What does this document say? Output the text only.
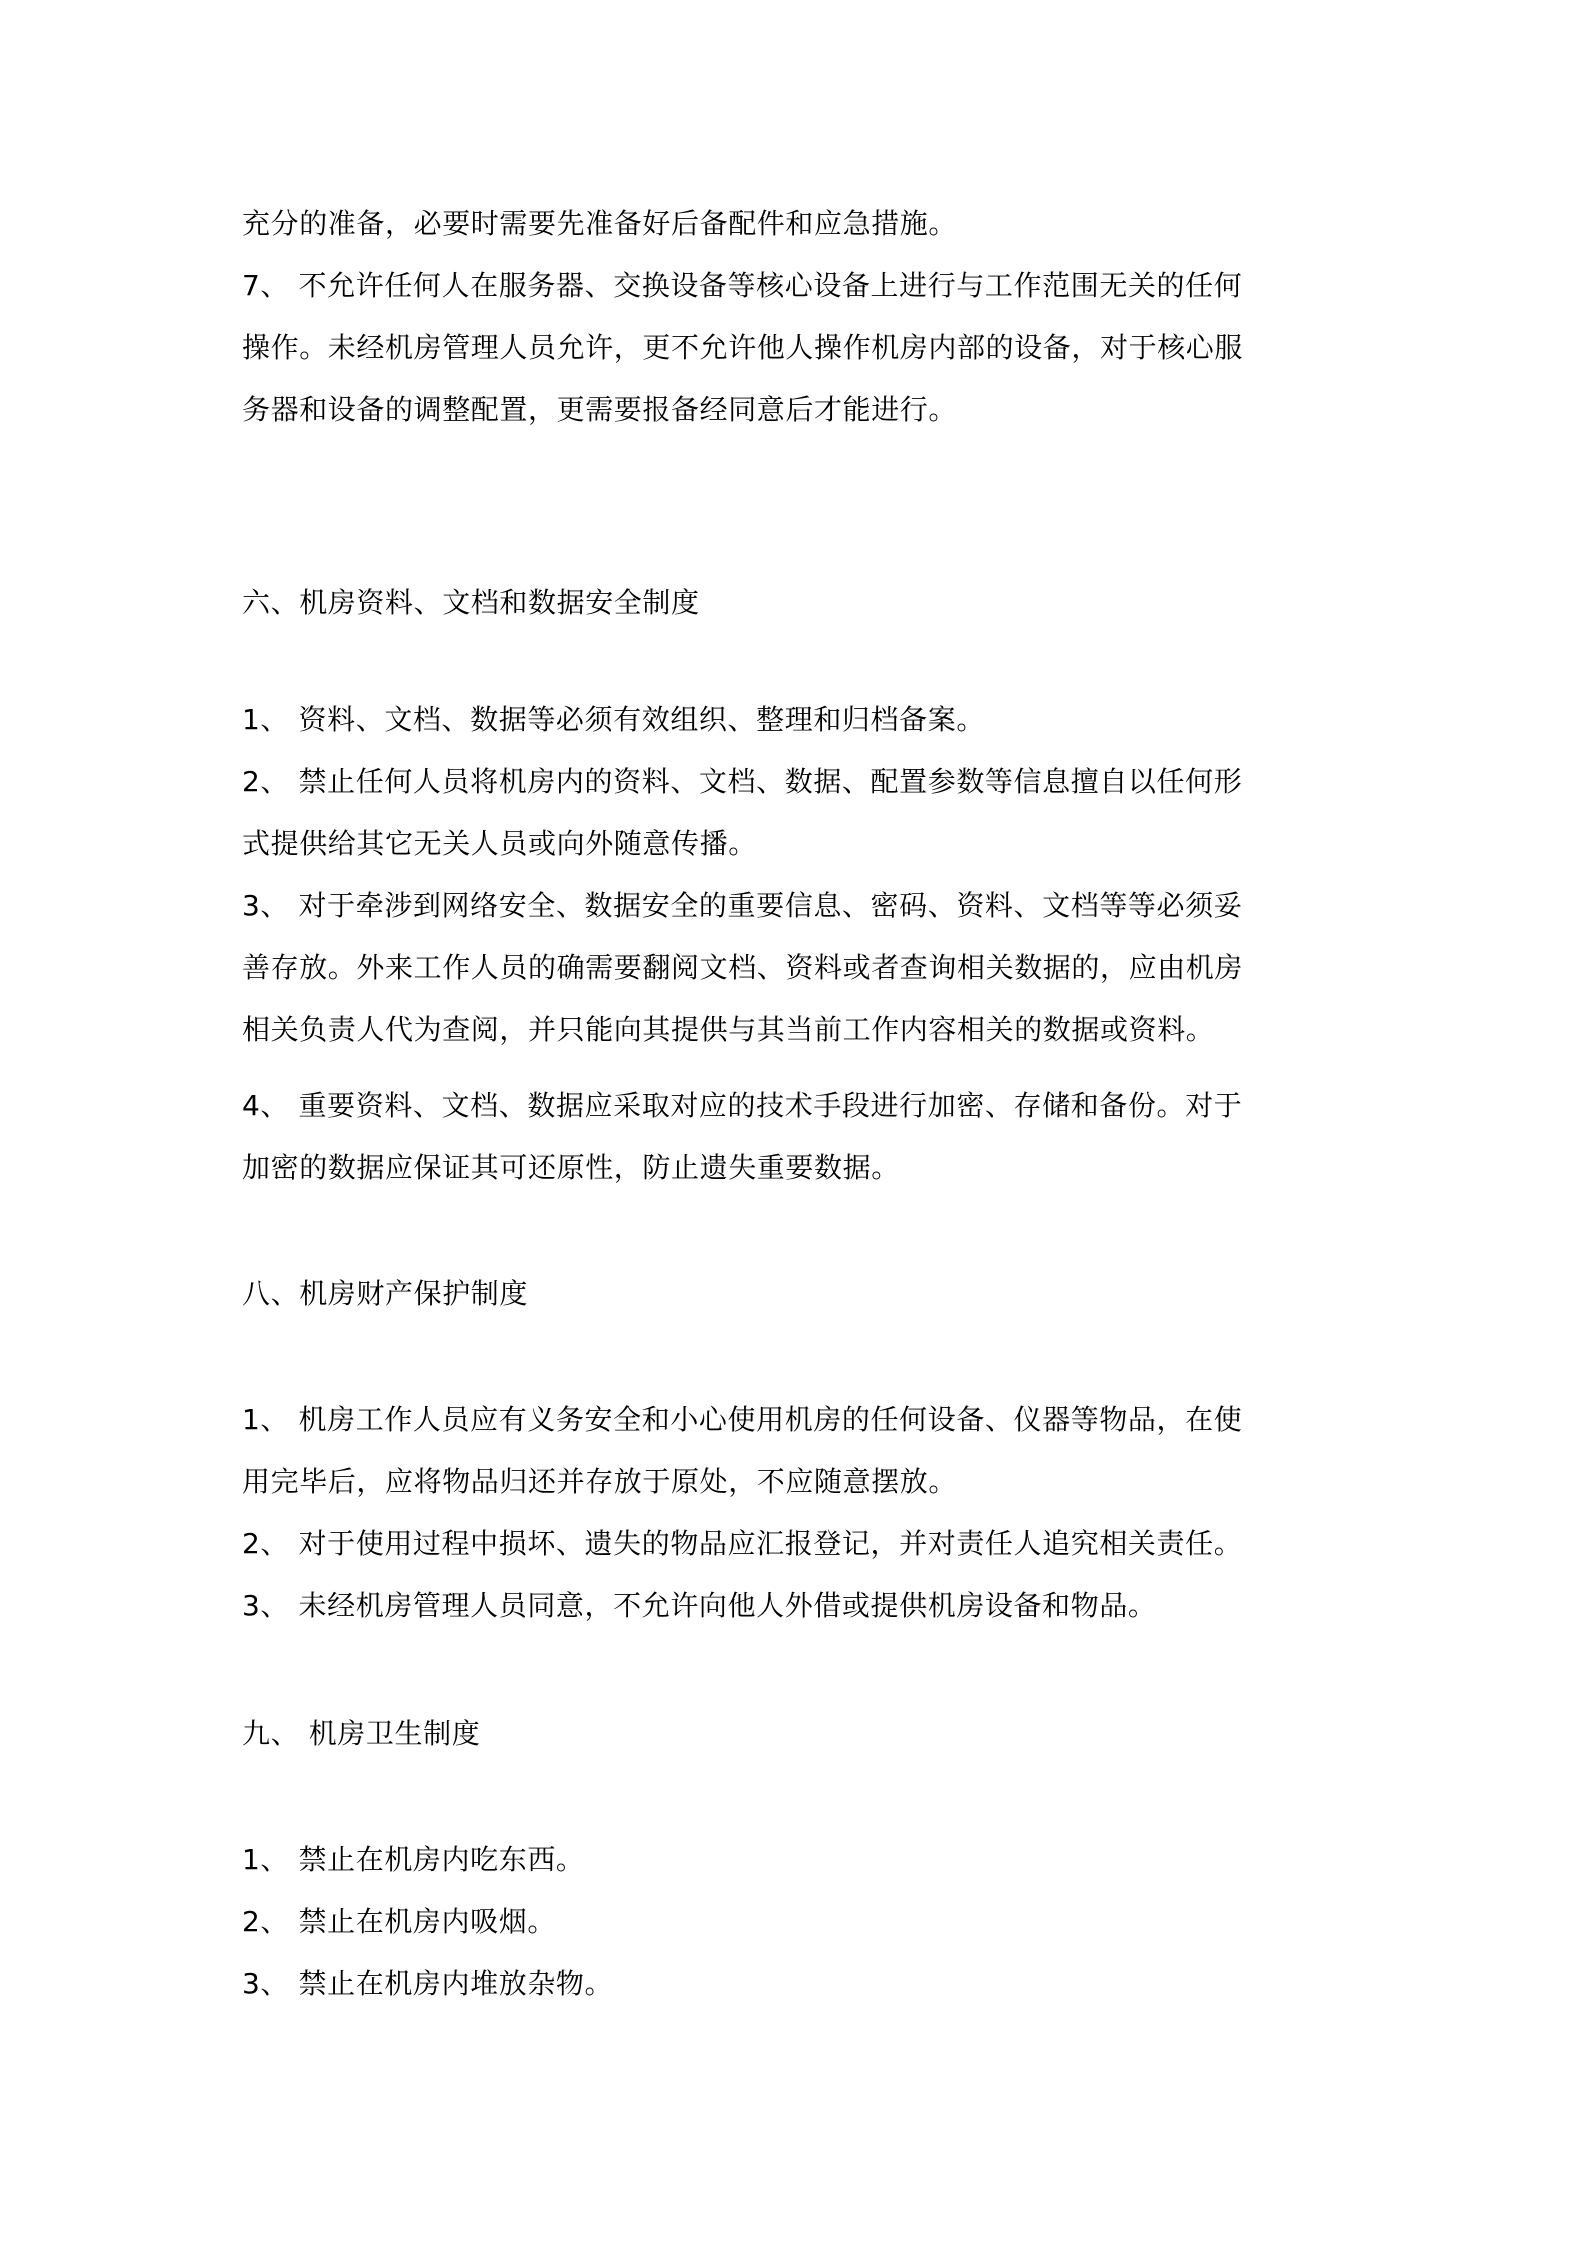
充分的准备，必要时需要先准备好后备配件和应急措施。
7、 不允许任何人在服务器、交换设备等核心设备上进行与工作范围无关的任何
操作。未经机房管理人员允许，更不允许他人操作机房内部的设备，对于核心服
务器和设备的调整配置，更需要报备经同意后才能进行。
六、机房资料、文档和数据安全制度
1、 资料、文档、数据等必须有效组织、整理和归档备案。
2、 禁止任何人员将机房内的资料、文档、数据、配置参数等信息擅自以任何形
式提供给其它无关人员或向外随意传播。
3、 对于牵涉到网络安全、数据安全的重要信息、密码、资料、文档等等必须妥
善存放。外来工作人员的确需要翻阅文档、资料或者查询相关数据的，应由机房
相关负责人代为查阅，并只能向其提供与其当前工作内容相关的数据或资料。
4、 重要资料、文档、数据应采取对应的技术手段进行加密、存储和备份。对于
加密的数据应保证其可还原性，防止遗失重要数据。
八、机房财产保护制度
1、 机房工作人员应有义务安全和小心使用机房的任何设备、仪器等物品，在使
用完毕后，应将物品归还并存放于原处，不应随意摆放。
2、 对于使用过程中损坏、遗失的物品应汇报登记，并对责任人追究相关责任。
3、 未经机房管理人员同意，不允许向他人外借或提供机房设备和物品。
九、 机房卫生制度
1、 禁止在机房内吃东西。
2、 禁止在机房内吸烟。
3、 禁止在机房内堆放杂物。
